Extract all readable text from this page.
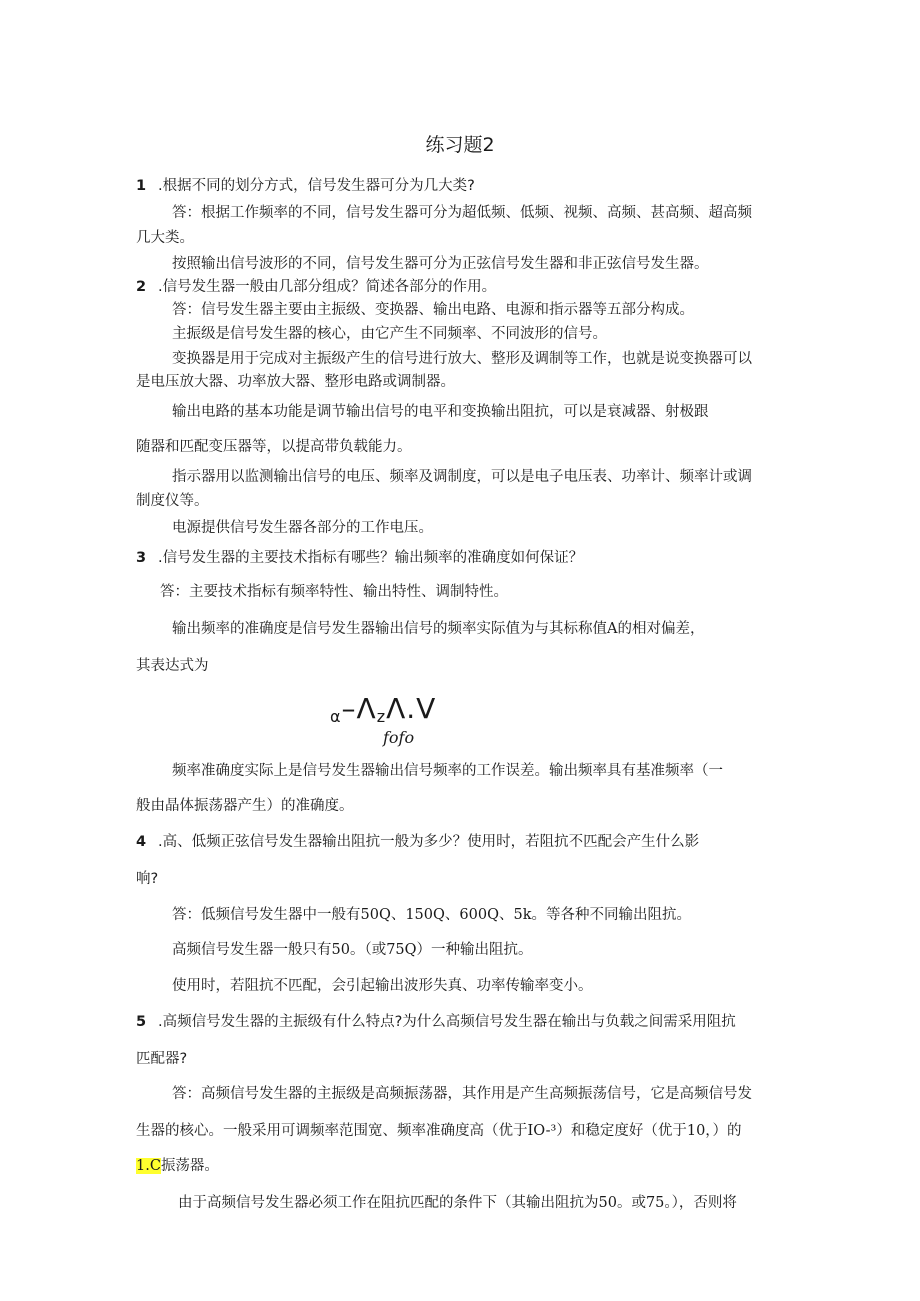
练习题2
1 .根据不同的划分方式，信号发生器可分为几大类?
答：根据工作频率的不同，信号发生器可分为超低频、低频、视频、高频、甚高频、超高频
几大类。
按照输出信号波形的不同，信号发生器可分为正弦信号发生器和非正弦信号发生器。
2 .信号发生器一般由几部分组成？简述各部分的作用。
答：信号发生器主要由主振级、变换器、输出电路、电源和指示器等五部分构成。
主振级是信号发生器的核心，由它产生不同频率、不同波形的信号。
变换器是用于完成对主振级产生的信号进行放大、整形及调制等工作，也就是说变换器可以
是电压放大器、功率放大器、整形电路或调制器。
输出电路的基本功能是调节输出信号的电平和变换输出阻抗，可以是衰减器、射极跟
随器和匹配变压器等，以提高带负载能力。
指示器用以监测输出信号的电压、频率及调制度，可以是电子电压表、功率计、频率计或调
制度仪等。
电源提供信号发生器各部分的工作电压。
3 .信号发生器的主要技术指标有哪些？输出频率的准确度如何保证？
答：主要技术指标有频率特性、输出特性、调制特性。
输出频率的准确度是信号发生器输出信号的频率实际值为与其标称值A的相对偏差，
其表达式为
α–ΛzΛ.V
fofo
频率准确度实际上是信号发生器输出信号频率的工作误差。输出频率具有基准频率（一
般由晶体振荡器产生）的准确度。
4 .高、低频正弦信号发生器输出阻抗一般为多少？使用时，若阻抗不匹配会产生什么影
响?
答：低频信号发生器中一般有50Q、150Q、600Q、5k。等各种不同输出阻抗。
高频信号发生器一般只有50。（或75Q）一种输出阻抗。
使用时，若阻抗不匹配，会引起输出波形失真、功率传输率变小。
5 .高频信号发生器的主振级有什么特点?为什么高频信号发生器在输出与负载之间需采用阻抗
匹配器?
答：高频信号发生器的主振级是高频振荡器，其作用是产生高频振荡信号，它是高频信号发
生器的核心。一般采用可调频率范围宽、频率准确度高（优于IO-³）和稳定度好（优于10，）的
1.C振荡器。
由于高频信号发生器必须工作在阻抗匹配的条件下（其输出阻抗为50。或75。），否则将
